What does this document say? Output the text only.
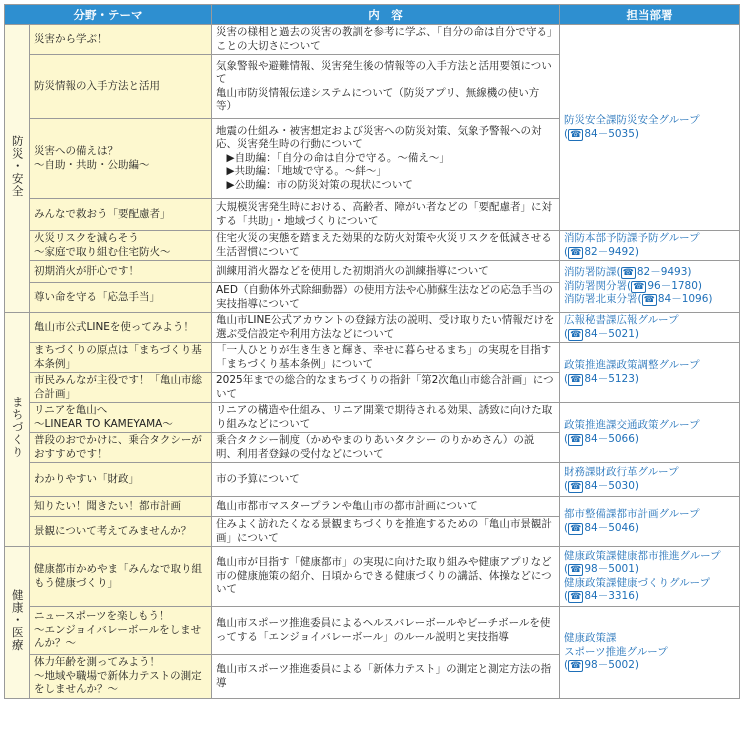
分野・テーマ		内　容	担当部署
防災・安全	災害から学ぶ！	災害の様相と過去の災害の教訓を参考に学ぶ、「自分の命は自分で守る」ことの大切さについて	防災安全課防災安全グループ
( ☎ 84－5035)

	防災情報の入手方法と活用	気象警報や避難情報、災害発生後の情報等の入手方法と活用要領について
亀山市防災情報伝達システムについて（防災アプリ、無線機の使い方等）	
	災害への備えは？
～自助・共助・公助編～	地震の仕組み・被害想定および災害への防災対策、気象予警報への対応、災害発生時の行動について
　▶自助編：「自分の命は自分で守る。～備え～」
　▶共助編：「地域で守る。～絆～」
　▶公助編：市の防災対策の現状について	
	みんなで救おう「要配慮者」	大規模災害発生時における、高齢者、障がい者などの「要配慮者」に対する「共助」・地域づくりについて	
	火災リスクを減らそう
～家庭で取り組む住宅防火～	住宅火災の実態を踏まえた効果的な防火対策や火災リスクを低減させる生活習慣について	消防本部予防課予防グループ
( ☎ 82－9492)

	初期消火が肝心です！	訓練用消火器などを使用した初期消火の訓練指導について	消防署防課( ☎ 82－9493)
消防署関分署( ☎ 96－1780)
消防署北東分署( ☎ 84－1096)

	尊い命を守る「応急手当」	AED（自動体外式除細動器）の使用方法や心肺蘇生法などの応急手当の実技指導について	
まちづくり	亀山市公式LINEを使ってみよう！	亀山市LINE公式アカウントの登録方法の説明、受け取りたい情報だけを選ぶ受信設定や利用方法などについて	広報秘書課広報グループ
( ☎ 84－5021)

	まちづくりの原点は「まちづくり基本条例」	「一人ひとりが生き生きと輝き、幸せに暮らせるまち」の実現を目指す「まちづくり基本条例」について	政策推進課政策調整グループ
( ☎ 84－5123)

	市民みんなが主役です！「亀山市総合計画」	2025年までの総合的なまちづくりの指針「第2次亀山市総合計画」について	
	リニアを亀山へ
～LINEAR TO KAMEYAMA～	リニアの構造や仕組み、リニア開業で期待される効果、誘致に向けた取り組みなどについて	政策推進課交通政策グループ
( ☎ 84－5066)

	普段のおでかけに、乗合タクシーがおすすめです！	乗合タクシー制度（かめやまのりあいタクシー のりかめさん）の説明、利用者登録の受付などについて	
	わかりやすい「財政」	市の予算について	財務課財政行革グループ
( ☎ 84－5030)

	知りたい！聞きたい！都市計画	亀山市都市マスタープランや亀山市の都市計画について	都市整備課都市計画グループ
( ☎ 84－5046)

	景観について考えてみませんか？	住みよく訪れたくなる景観まちづくりを推進するための「亀山市景観計画」について	
健康・医療	健康都市かめやま「みんなで取り組もう健康づくり」	亀山市が目指す「健康都市」の実現に向けた取り組みや健康アプリなど市の健康施策の紹介、日頃からできる健康づくりの講話、体操などについて	健康政策課健康都市推進グループ
( ☎ 98－5001)
健康政策課健康づくりグループ
( ☎ 84－3316)

	ニュースポーツを楽しもう！
～エンジョイバレーボールをしませんか？～	亀山市スポーツ推進委員によるヘルスバレーボールやビーチボールを使ってする「エンジョイバレーボール」のルール説明と実技指導	健康政策課
スポーツ推進グループ
( ☎ 98－5002)

	体力年齢を測ってみよう！
～地域や職場で新体力テストの測定をしませんか？～	亀山市スポーツ推進委員による「新体力テスト」の測定と測定方法の指導	
